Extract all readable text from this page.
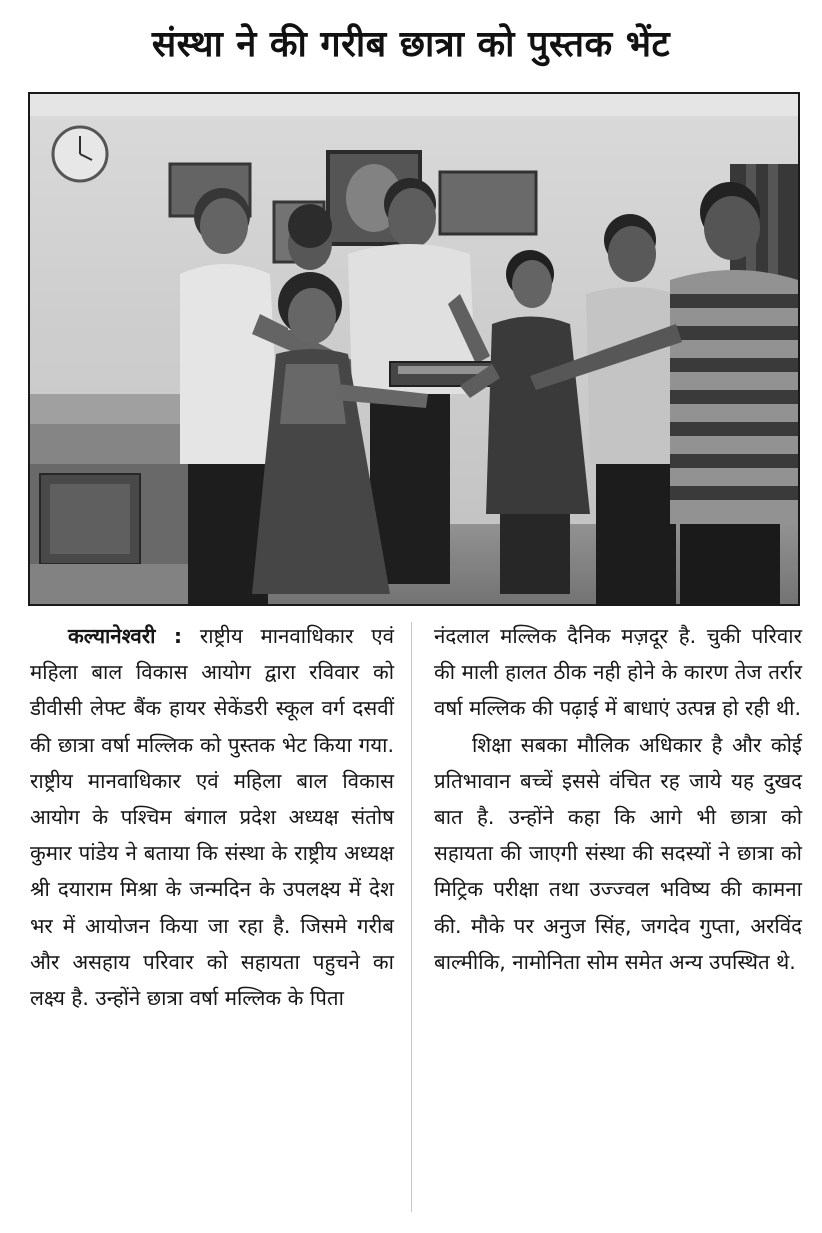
संस्था ने की गरीब छात्रा को पुस्तक भेंट

कल्यानेश्वरी : राष्ट्रीय मानवाधिकार एवं महिला बाल विकास आयोग द्वारा रविवार को डीवीसी लेफ्ट बैंक हायर सेकेंडरी स्कूल वर्ग दसवीं की छात्रा वर्षा मल्लिक को पुस्तक भेट किया गया. राष्ट्रीय मानवाधिकार एवं महिला बाल विकास आयोग के पश्चिम बंगाल प्रदेश अध्यक्ष संतोष कुमार पांडेय ने बताया कि संस्था के राष्ट्रीय अध्यक्ष श्री दयाराम मिश्रा के जन्मदिन के उपलक्ष्य में देश भर में आयोजन किया जा रहा है. जिसमे गरीब और असहाय परिवार को सहायता पहुचने का लक्ष्य है. उन्होंने छात्रा वर्षा मल्लिक के पिता

नंदलाल मल्लिक दैनिक मज़दूर है. चुकी परिवार की माली हालत ठीक नही होने के कारण तेज तर्रार वर्षा मल्लिक की पढ़ाई में बाधाएं उत्पन्न हो रही थी.

शिक्षा सबका मौलिक अधिकार है और कोई प्रतिभावान बच्चें इससे वंचित रह जाये यह दुखद बात है. उन्होंने कहा कि आगे भी छात्रा को सहायता की जाएगी संस्था की सदस्यों ने छात्रा को मिट्रिक परीक्षा तथा उज्ज्वल भविष्य की कामना की. मौके पर अनुज सिंह, जगदेव गुप्ता, अरविंद बाल्मीकि, नामोनिता सोम समेत अन्य उपस्थित थे.
